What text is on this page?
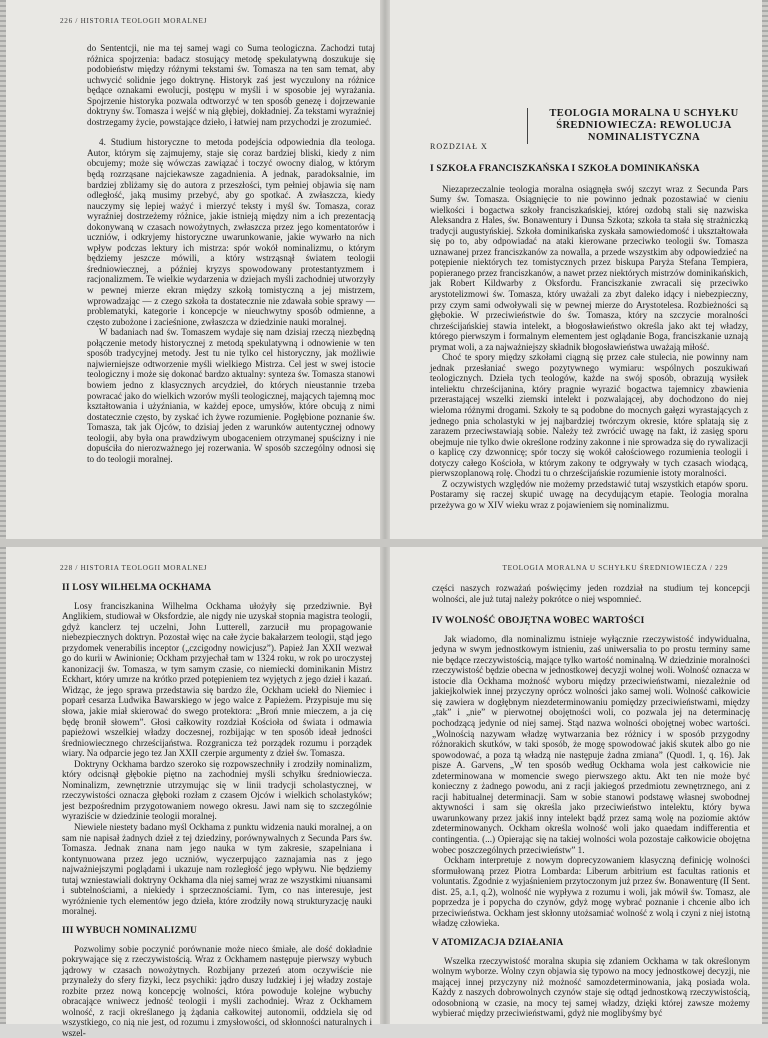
226 / HISTORIA TEOLOGII MORALNEJ

do Sententcji, nie ma tej samej wagi co Suma teologiczna. Zachodzi tutaj różnica spojrzenia: badacz stosujący metodę spekulatywną doszukuje się podobieństw między różnymi tekstami św. Tomasza na ten sam temat, aby uchwycić solidnie jego doktrynę. Historyk zaś jest wyczulony na różnice będące oznakami ewolucji, postępu w myśli i w sposobie jej wyrażania. Spojrzenie historyka pozwala odtworzyć w ten sposób genezę i dojrzewanie doktryny św. Tomasza i wejść w nią głębiej, dokładniej. Za tekstami wyraźniej dostrzegamy życie, powstające dzieło, i łatwiej nam przychodzi je zrozumieć.

4. Studium historyczne to metoda podejścia odpowiednia dla teologa. Autor, którym się zajmujemy, staje się coraz bardziej bliski, kiedy z nim obcujemy; może się wówczas zawiązać i toczyć owocny dialog, w którym będą rozrząsane najciekawsze zagadnienia. A jednak, paradoksalnie, im bardziej zbliżamy się do autora z przeszłości, tym pełniej objawia się nam odległość, jaką musimy przebyć, aby go spotkać. A zwłaszcza, kiedy nauczymy się lepiej ważyć i mierzyć teksty i myśl św. Tomasza, coraz wyraźniej dostrzeżemy różnice, jakie istnieją między nim a ich prezentacją dokonywaną w czasach nowożytnych, zwłaszcza przez jego komentatorów i uczniów, i odkryjemy historyczne uwarunkowanie, jakie wywarło na nich wpływ podczas lektury ich mistrza: spór wokół nominalizmu, o którym będziemy jeszcze mówili, a który wstrząsnął światem teologii średniowiecznej, a później kryzys spowodowany protestantyzmem i racjonalizmem. Te wielkie wydarzenia w dziejach myśli zachodniej utworzyły w pewnej mierze ekran między szkołą tomistyczną a jej mistrzem, wprowadzając — z czego szkoła ta dostatecznie nie zdawała sobie sprawy — problematyki, kategorie i koncepcje w nieuchwytny sposób odmienne, a często zubożone i zacieśnione, zwłaszcza w dziedzinie nauki moralnej.

W badaniach nad św. Tomaszem wydaje się nam dzisiaj rzeczą niezbędną połączenie metody historycznej z metodą spekulatywną i odnowienie w ten sposób tradycyjnej metody. Jest tu nie tylko cel historyczny, jak możliwie najwierniejsze odtworzenie myśli wielkiego Mistrza. Cel jest w swej istocie teologiczny i może się dokonać bardzo aktualny: synteza św. Tomasza stanowi bowiem jedno z klasycznych arcydzieł, do których nieustannie trzeba powracać jako do wielkich wzorów myśli teologicznej, mających tajemną moc kształtowania i użyźniania, w każdej epoce, umysłów, które obcują z nimi dostatecznie często, by zyskać ich żywe rozumienie. Pogłębione poznanie św. Tomasza, tak jak Ojców, to dzisiaj jeden z warunków autentycznej odnowy teologii, aby była ona prawdziwym ubogaceniem otrzymanej spuścizny i nie dopuściła do nierozważnego jej rozerwania. W sposób szczególny odnosi się to do teologii moralnej.

ROZDZIAŁ X
TEOLOGIA MORALNA U SCHYŁKU ŚREDNIOWIECZA: REWOLUCJA NOMINALISTYCZNA

I SZKOŁA FRANCISZKAŃSKA I SZKOŁA DOMINIKAŃSKA

Niezaprzeczalnie teologia moralna osiągnęła swój szczyt wraz z Secunda Pars Sumy św. Tomasza. Osiągnięcie to nie powinno jednak pozostawiać w cieniu wielkości i bogactwa szkoły franciszkańskiej, której ozdobą stali się nazwiska Aleksandra z Hales, św. Bonawentury i Dunsa Szkota; szkoła ta stała się strażniczką tradycji augustyńskiej. Szkoła dominikańska zyskała samowiedomość i ukształtowała się po to, aby odpowiadać na ataki kierowane przeciwko teologii św. Tomasza uznawanej przez franciszkanów za nowalla, a przede wszystkim aby odpowiedzieć na potępienie niektórych tez tomistycznych przez biskupa Paryża Stefana Tempiera, popieranego przez franciszkanów, a nawet przez niektórych mistrzów dominikańskich, jak Robert Kildwarby z Oksfordu. Franciszkanie zwracali się przeciwko arystotelizmowi św. Tomasza, który uważali za zbyt daleko idący i niebezpieczny, przy czym sami odwoływali się w pewnej mierze do Arystotelesa. Rozbieżności są głębokie. W przeciwieństwie do św. Tomasza, który na szczycie moralności chrześcijańskiej stawia intelekt, a błogosławieństwo określa jako akt tej władzy, którego pierwszym i formalnym elementem jest oglądanie Boga, franciszkanie uznają prymat woli, a za najważniejszy składnik błogosławieństwa uważają miłość.

Choć te spory między szkołami ciągną się przez całe stulecia, nie powinny nam jednak przesłaniać swego pozytywnego wymiaru: wspólnych poszukiwań teologicznych. Dzieła tych teologów, każde na swój sposób, obrazują wysiłek inteliektu chrześcijanina, który pragnie wyrazić bogactwa tajemnicy zbawienia przerastającej wszelki ziemski intelekt i pozwalającej, aby dochodzono do niej wieloma różnymi drogami. Szkoły te są podobne do mocnych gałęzi wyrastających z jednego pnia scholastyki w jej najbardziej twórczym okresie, które splatają się z zarazem przeciwstawiają sobie. Należy też zwrócić uwagę na fakt, iż zasięg sporu obejmuje nie tylko dwie określone rodziny zakonne i nie sprowadza się do rywalizacji o kaplicę czy dzwonnicę; spór toczy się wokół całościowego rozumienia teologii i dotyczy całego Kościoła, w którym zakony te odgrywały w tych czasach wiodącą, pierwszoplanową rolę. Chodzi tu o chrześcijańskie rozumienie istoty moralności.

Z oczywistych względów nie możemy przedstawić tutaj wszystkich etapów sporu. Postaramy się raczej skupić uwagę na decydującym etapie. Teologia moralna przeżywa go w XIV wieku wraz z pojawieniem się nominalizmu.

228 / HISTORIA TEOLOGII MORALNEJ

II LOSY WILHELMA OCKHAMA

Losy franciszkanina Wilhelma Ockhama ułożyły się przedziwnie. Był Anglikiem, studiował w Oksfordzie, ale nigdy nie uzyskał stopnia magistra teologii, gdyż kanclerz tej uczelni, John Lutterell, zarzucił mu propagowanie niebezpiecznych doktryn. Pozostał więc na całe życie bakałarzem teologii, stąd jego przydomek venerabilis inceptor („czcigodny nowicjusz”). Papież Jan XXII wezwał go do kurii w Awinionie; Ockham przyjechał tam w 1324 roku, w rok po uroczystej kanonizacji św. Tomasza, w tym samym czasie, co niemiecki dominikanin Mistrz Eckhart, który umrze na krótko przed potępieniem tez wyjętych z jego dzieł i kazań. Widząc, że jego sprawa przedstawia się bardzo źle, Ockham uciekł do Niemiec i poparł cesarza Ludwika Bawarskiego w jego walce z Papieżem. Przypisuje mu się słowa, jakie miał skierować do swego protektora: „Broń mnie mieczem, a ja cię będę bronił słowem”. Głosi całkowity rozdział Kościoła od świata i odmawia papieżowi wszelkiej władzy doczesnej, rozbijając w ten sposób ideał jedności średniowiecznego chrześcijaństwa. Rozgranicza też porządek rozumu i porządek wiary. Na odparcie jego tez Jan XXII czerpie argumenty z dzieł św. Tomasza.

Doktryny Ockhama bardzo szeroko się rozpowszechniły i zrodziły nominalizm, który odcisnął głębokie piętno na zachodniej myśli schyłku średniowiecza. Nominalizm, zewnętrznie utrzymując się w linii tradycji scholastycznej, w rzeczywistości oznacza głęboki rozłam z czasem Ojców i wielkich scholastyków; jest bezpośrednim przygotowaniem nowego okresu. Jawi nam się to szczególnie wyraziście w dziedzinie teologii moralnej.

Niewiele niestety badano myśl Ockhama z punktu widzenia nauki moralnej, a on sam nie napisał żadnych dzieł z tej dziedziny, porównywalnych z Secunda Pars św. Tomasza. Jednak znana nam jego nauka w tym zakresie, szapelniana i kontynuowana przez jego uczniów, wyczerpująco zaznajamia nas z jego najważniejszymi poglądami i ukazuje nam rozległość jego wpływu. Nie będziemy tutaj wzniestawiali doktryny Ockhama dla niej samej wraz ze wszystkimi niuansami i subtelnościami, a niekiedy i sprzecznościami. Tym, co nas interesuje, jest wyróżnienie tych elementów jego dzieła, które zrodziły nową strukturyzację nauki moralnej.

III WYBUCH NOMINALIZMU

Pozwolimy sobie poczynić porównanie może nieco śmiałe, ale dość dokładnie pokrywające się z rzeczywistością. Wraz z Ockhamem następuje pierwszy wybuch jądrowy w czasach nowożytnych. Rozbijany przezeń atom oczywiście nie przynależy do sfery fizyki, lecz psychiki: jądro duszy ludzkiej i jej władzy zostaje rozbite przez nową koncepcję wolności, która powoduje kolejne wybuchy obracające wniwecz jedność teologii i myśli zachodniej. Wraz z Ockhamem wolność, z racji określanego ją żądania całkowitej autonomii, oddziela się od wszystkiego, co nią nie jest, od rozumu i zmysłowości, od skłonności naturalnych i wszel-

TEOLOGIA MORALNA U SCHYŁKU ŚREDNIOWIECZA / 229

części naszych rozważań poświęcimy jeden rozdział na studium tej koncepcji wolności, ale już tutaj należy pokrótce o niej wspomnieć.

IV WOLNOŚĆ OBOJĘTNA WOBEC WARTOŚCI

Jak wiadomo, dla nominalizmu istnieje wyłącznie rzeczywistość indywidualna, jedyna w swym jednostkowym istnieniu, zaś uniwersalia to po prostu terminy same nie będące rzeczywistością, mające tylko wartość nominalną. W dziedzinie moralności rzeczywistość będzie obecna w jednostkowej decyzji wolnej woli. Wolność oznacza w istocie dla Ockhama możność wyboru między przeciwieństwami, niezależnie od jakiejkolwiek innej przyczyny oprócz wolności jako samej woli. Wolność całkowicie się zawiera w dogłębnym niezdeterminowaniu pomiędzy przeciwieństwami, między „tak” i „nie” w pierwotnej obojętności woli, co pozwala jej na determinację pochodzącą jedynie od niej samej. Stąd nazwa wolności obojętnej wobec wartości. „Wolnością nazywam władzę wytwarzania bez różnicy i w sposób przygodny różnorakich skutków, w taki sposób, że mogę spowodować jakiś skutek albo go nie spowodować, a poza tą władzą nie następuje żadna zmiana” (Quodl. 1, q. 16). Jak pisze A. Garvens, „W ten sposób według Ockhama wola jest całkowicie nie zdeterminowana w momencie swego pierwszego aktu. Akt ten nie może być konieczny z żadnego powodu, ani z racji jakiegoś przedmiotu zewnętrznego, ani z racji habitualnej determinacji. Sam w sobie stanowi podstawę własnej swobodnej aktywności i sam się określa jako przeciwieństwo intelektu, który bywa uwarunkowany przez jakiś inny intelekt bądź przez samą wolę na poziomie aktów zdeterminowanych. Ockham określa wolność woli jako quaedam indifferentia et contingentia. (...) Opierając się na takiej wolności wola pozostaje całkowicie obojętna wobec poszczególnych przeciwieństw” 1.

Ockham interpretuje z nowym doprecyzowaniem klasyczną definicję wolności sformułowaną przez Piotra Lombarda: Liberum arbitrium est facultas rationis et voluntatis. Zgodnie z wyjaśnieniem przytoczonym już przez św. Bonawenturę (II Sent. dist. 25, a.1, q.2), wolność nie wypływa z rozumu i woli, jak mówił św. Tomasz, ale poprzedza je i popycha do czynów, gdyż mogę wybrać poznanie i chcenie albo ich przeciwieństwa. Ockham jest skłonny utożsamiać wolność z wolą i czyni z niej istotną władzę człowieka.

V ATOMIZACJA DZIAŁANIA

Wszelka rzeczywistość moralna skupia się zdaniem Ockhama w tak określonym wolnym wyborze. Wolny czyn objawia się typowo na mocy jednostkowej decyzji, nie mającej innej przyczyny niż możność samozdeterminowania, jaką posiada wola. Każdy z naszych dobrowolnych czynów staje się odtąd jednostkową rzeczywistością, odosobnioną w czasie, na mocy tej samej władzy, dzięki której zawsze możemy wybierać między przeciwieństwami, gdyż nie moglibyśmy być
